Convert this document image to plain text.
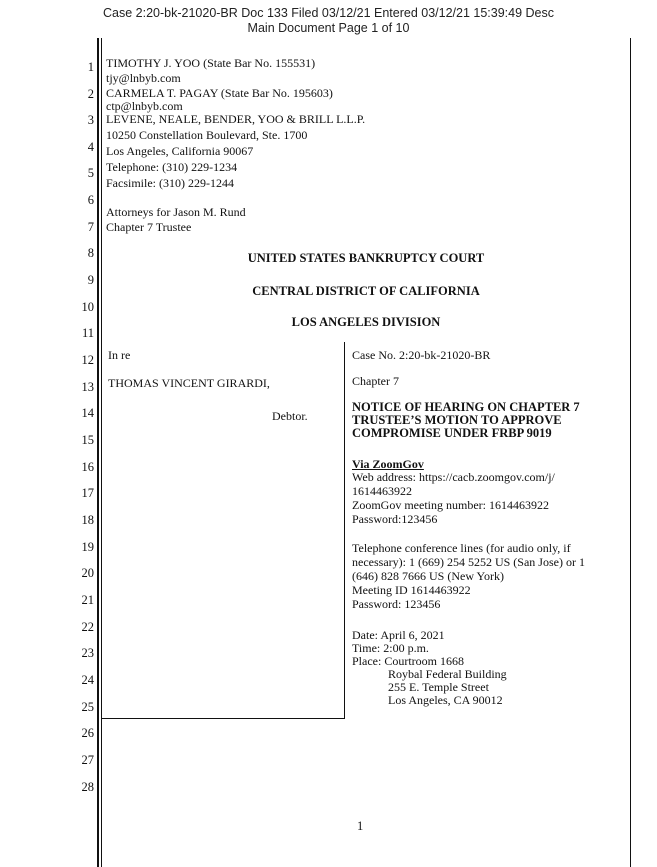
Case 2:20-bk-21020-BR Doc 133 Filed 03/12/21 Entered 03/12/21 15:39:49 Desc
Main Document Page 1 of 10
1
2
3
4
5
6
7
8
9
10
11
12
13
14
15
16
17
18
19
20
21
22
23
24
25
26
27
28
TIMOTHY J. YOO (State Bar No. 155531)
tjy@lnbyb.com
CARMELA T. PAGAY (State Bar No. 195603)
ctp@lnbyb.com
LEVENE, NEALE, BENDER, YOO & BRILL L.L.P.
10250 Constellation Boulevard, Ste. 1700
Los Angeles, California 90067
Telephone: (310) 229-1234
Facsimile: (310) 229-1244
Attorneys for Jason M. Rund
Chapter 7 Trustee
UNITED STATES BANKRUPTCY COURT
CENTRAL DISTRICT OF CALIFORNIA
LOS ANGELES DIVISION
In re
THOMAS VINCENT GIRARDI,
Debtor.
Case No. 2:20-bk-21020-BR
Chapter 7
NOTICE OF HEARING ON CHAPTER 7
TRUSTEE’S MOTION TO APPROVE
COMPROMISE UNDER FRBP 9019
Via ZoomGov
Web address: https://cacb.zoomgov.com/j/
1614463922
ZoomGov meeting number: 1614463922
Password:123456
Telephone conference lines (for audio only, if
necessary): 1 (669) 254 5252 US (San Jose) or 1
(646) 828 7666 US (New York)
Meeting ID 1614463922
Password: 123456
Date: April 6, 2021
Time: 2:00 p.m.
Place: Courtroom 1668
Roybal Federal Building
255 E. Temple Street
Los Angeles, CA 90012
1
